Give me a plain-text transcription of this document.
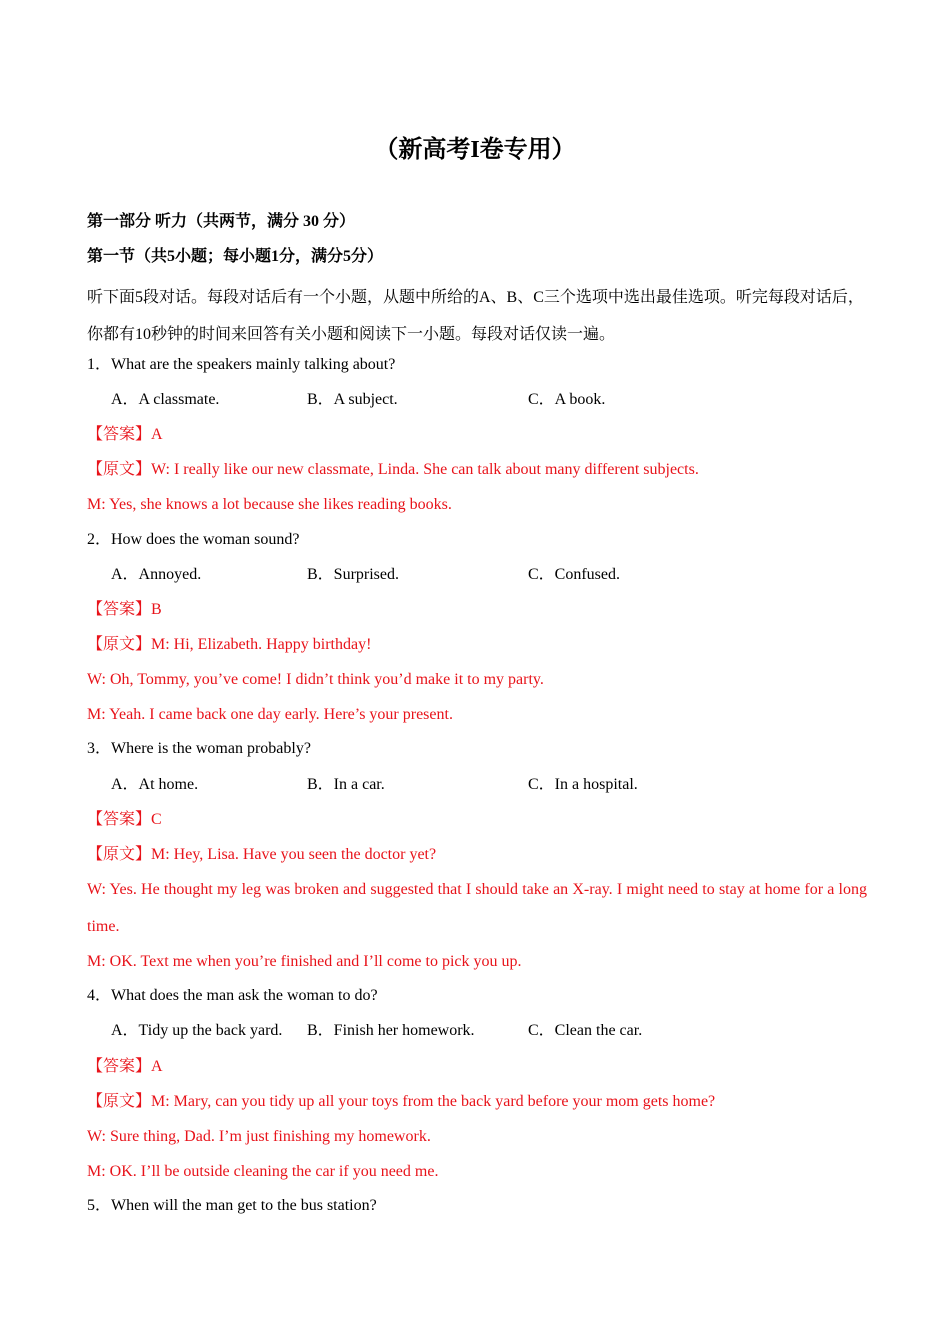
（新高考I卷专用）
第一部分 听力（共两节，满分 30 分）
第一节（共5小题；每小题1分，满分5分）
听下面5段对话。每段对话后有一个小题，从题中所给的A、B、C三个选项中选出最佳选项。听完每段对话后，你都有10秒钟的时间来回答有关小题和阅读下一小题。每段对话仅读一遍。
1．What are the speakers mainly talking about?
A．A classmate.	B．A subject.	C．A book.
【答案】A
【原文】W: I really like our new classmate, Linda. She can talk about many different subjects.
M: Yes, she knows a lot because she likes reading books.
2．How does the woman sound?
A．Annoyed.	B．Surprised.	C．Confused.
【答案】B
【原文】M: Hi, Elizabeth. Happy birthday!
W: Oh, Tommy, you’ve come! I didn’t think you’d make it to my party.
M: Yeah. I came back one day early. Here’s your present.
3．Where is the woman probably?
A．At home.	B．In a car.	C．In a hospital.
【答案】C
【原文】M: Hey, Lisa. Have you seen the doctor yet?
W: Yes. He thought my leg was broken and suggested that I should take an X-ray. I might need to stay at home for a long time.
M: OK. Text me when you’re finished and I’ll come to pick you up.
4．What does the man ask the woman to do?
A．Tidy up the back yard. B．Finish her homework.	C．Clean the car.
【答案】A
【原文】M: Mary, can you tidy up all your toys from the back yard before your mom gets home?
W: Sure thing, Dad. I’m just finishing my homework.
M: OK. I’ll be outside cleaning the car if you need me.
5．When will the man get to the bus station?
